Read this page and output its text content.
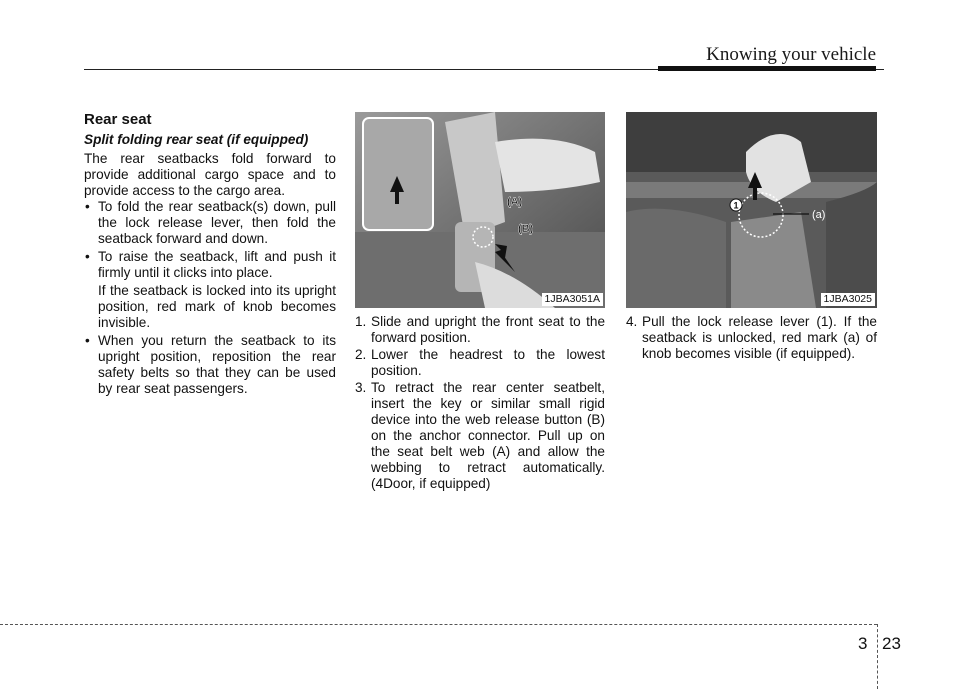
Knowing your vehicle
Rear seat
Split folding rear seat (if equipped)

The rear seatbacks fold forward to provide additional cargo space and to provide access to the cargo area.

• To fold the rear seatback(s) down, pull the lock release lever, then fold the seatback forward and down.
• To raise the seatback, lift and push it firmly until it clicks into place.
If the seatback is locked into its upright position, red mark of knob becomes invisible.
• When you return the seatback to its upright position, reposition the rear safety belts so that they can be used by rear seat passengers.
(A)
(B)
1JBA3051A
1. Slide and upright the front seat to the forward position.
2. Lower the headrest to the lowest position.
3. To retract the rear center seatbelt, insert the key or similar small rigid device into the web release button (B) on the anchor connector. Pull up on the seat belt web (A) and allow the webbing to retract automatically. (4Door, if equipped)
1
(a)
1JBA3025
4. Pull the lock release lever (1). If the seatback is unlocked, red mark (a) of knob becomes visible (if equipped).
3 23
